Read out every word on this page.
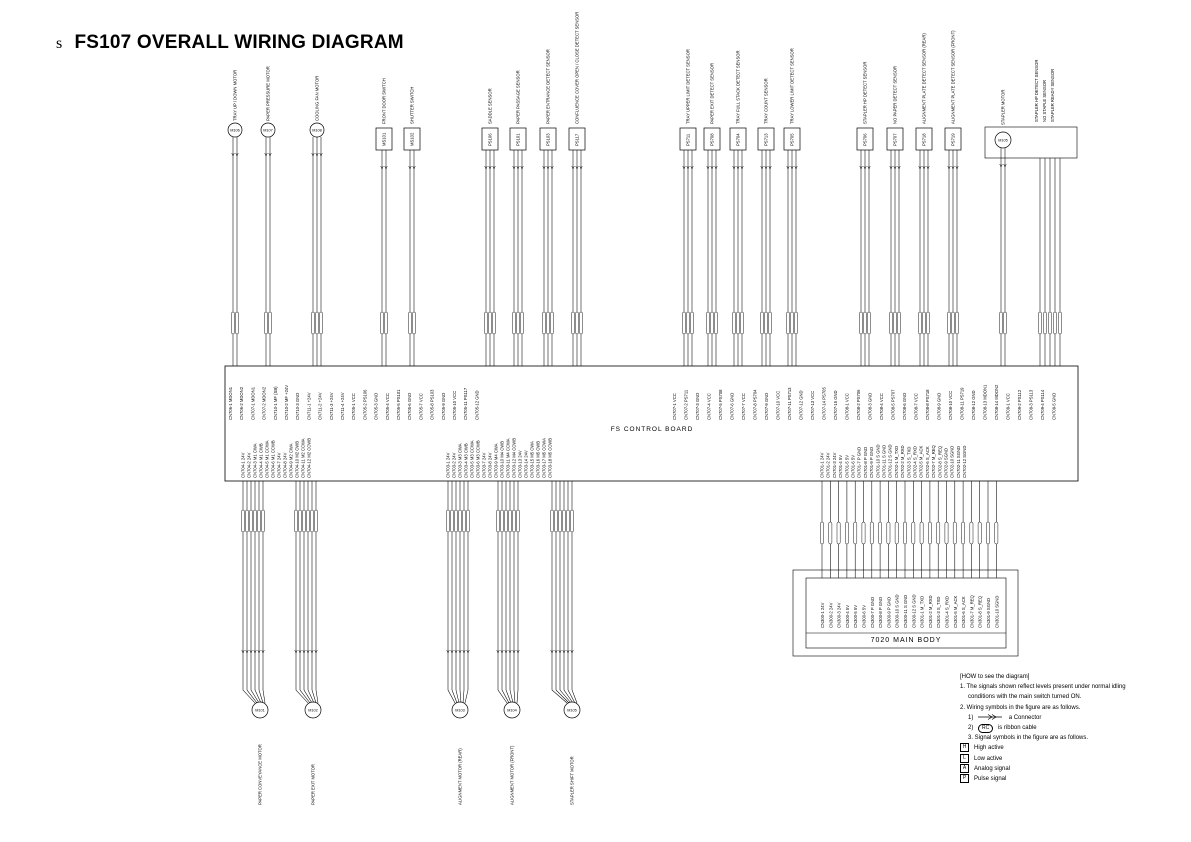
s FS107 OVERALL WIRING DIAGRAM
FS CONTROL BOARD
CN706-1 MDON1 CN706-2 MDON2 CN707-1 MDON1 CN707-2 MDON2 CN710-1 MF (SB) CN710-2 MF +24V CN710-3 GND CN711-1 +24V CN711-2 +24V CN711-3 +24V CN711-4 +24V CN705-1 VCC CN705-2 PS106 CN705-3 GND CN705-4 VCC CN705-5 PS101 CN705-6 GND CN705-7 VCC CN705-8 PS103 CN705-9 GND CN705-10 VCC CN705-11 PS117 CN705-12 GND	CN707-1 VCC CN707-2 PS711 CN707-3 GND CN707-4 VCC CN707-5 PS708 CN707-6 GND CN707-7 VCC CN707-8 PS704 CN707-9 GND CN707-10 VCC CN707-11 PS713 CN707-12 GND CN707-13 VCC CN707-14 PS705 CN707-15 GND CN708-1 VCC CN708-2 PS706 CN708-3 GND CN708-4 VCC CN708-5 PS707 CN708-6 GND CN708-7 VCC CN708-8 PS718 CN708-9 GND CN708-10 VCC CN708-11 PS719 CN708-12 GND CN708-13 MDON1 CN708-14 MDON2 CN709-1 VCC CN709-2 PS112 CN709-3 PS113 CN709-4 PS114 CN709-5 GND
CN704-1 24V CN704-2 24V CN704-3 M1 CWA CN704-4 M1 CWB CN704-5 M1 CCWA CN704-6 M1 CCWB CN704-7 24V CN704-8 24V CN704-9 M2 CWA CN704-10 M2 CWB CN704-11 M2 CCWA CN704-12 M2 CCWB	CN703-1 24V CN703-2 24V CN703-3 M3 CWA CN703-4 M3 CWB CN703-5 M3 CCWA CN703-6 M3 CCWB CN703-7 24V CN703-8 24V CN703-9 M4 CWA CN703-10 M4 CWB CN703-11 M4 CCWA CN703-12 M4 CCWB CN703-13 24V CN703-14 24V CN703-15 M5 CWA CN703-16 M5 CWB CN703-17 M5 CCWA CN703-18 M5 CCWB	CN701-1 24V CN701-2 24V CN701-3 24V CN701-4 5V CN701-5 5V CN701-6 5V CN701-7 P GND CN701-8 P GND CN701-9 P GND CN701-10 S GND CN701-11 S GND CN701-12 S GND CN702-1 M_TXD CN702-2 M_RXD CN702-3 S_TXD CN702-4 S_RXD CN702-5 M_ACK CN702-6 S_ACK CN702-7 M_REQ CN702-8 S_REQ CN702-9 SGND CN702-10 SGND CN702-11 SGND CN702-12 SGND
M106
TRAY UP / DOWN MOTOR
M107
PAPER PRESSURE MOTOR
M108
COOLING FAN MOTOR
MS101
FRONT DOOR SWITCH
MS102
SHUTTER SWITCH
PS106
SADDLE SENSOR
PS101
PAPER PASSAGE SENSOR
PS103
PAPER ENTRANCE DETECT SENSOR
PS117
CONFLUENCE COVER OPEN / CLOSE DETECT SENSOR
PS711
TRAY UPPER LIMIT DETECT SENSOR
PS708
PAPER EXIT DETECT SENSOR
PS704
TRAY FULL STACK DETECT SENSOR
PS713
TRAY COUNT SENSOR
PS705
TRAY LOWER LIMIT DETECT SENSOR
PS706
STAPLER HP DETECT SENSOR
PS707
NO PAPER DETECT SENSOR
PS718
ALIGNMENT PLATE DETECT SENSOR (REAR)
PS719
ALIGNMENT PLATE DETECT SENSOR (FRONT)
M105
STAPLER MOTOR
M101
PAPER CONVEYANCE MOTOR
M102
PAPER EXIT MOTOR
M103
ALIGNMENT MOTOR (REAR)
M104
ALIGNMENT MOTOR (FRONT)
M105
STAPLER SHIFT MOTOR
7020 MAIN BODY
CN300-1 24V CN300-2 24V CN300-3 24V CN300-4 5V CN300-5 5V CN300-6 5V CN300-7 P GND CN300-8 P GND CN300-9 P GND CN300-10 S GND CN300-11 S GND CN300-12 S GND CN301-1 M_TXD CN301-2 M_RXD CN301-3 S_TXD CN301-4 S_RXD CN301-5 M_ACK CN301-6 S_ACK CN301-7 M_REQ CN301-8 S_REQ CN301-9 SGND CN301-10 SGND
STAPLER HP DETECT SENSOR NO STAPLE SENSOR STAPLER READY SENSOR
[HOW to see the diagram]
1. The signals shown reflect levels present under normal idling
conditions with the main switch turned ON.
2. Wiring symbols in the figure are as follows.
1)	a Connector
2) RC is ribbon cable
3. Signal symbols in the figure are as follows.
H High active
L Low active
A Analog signal
P Pulse signal
